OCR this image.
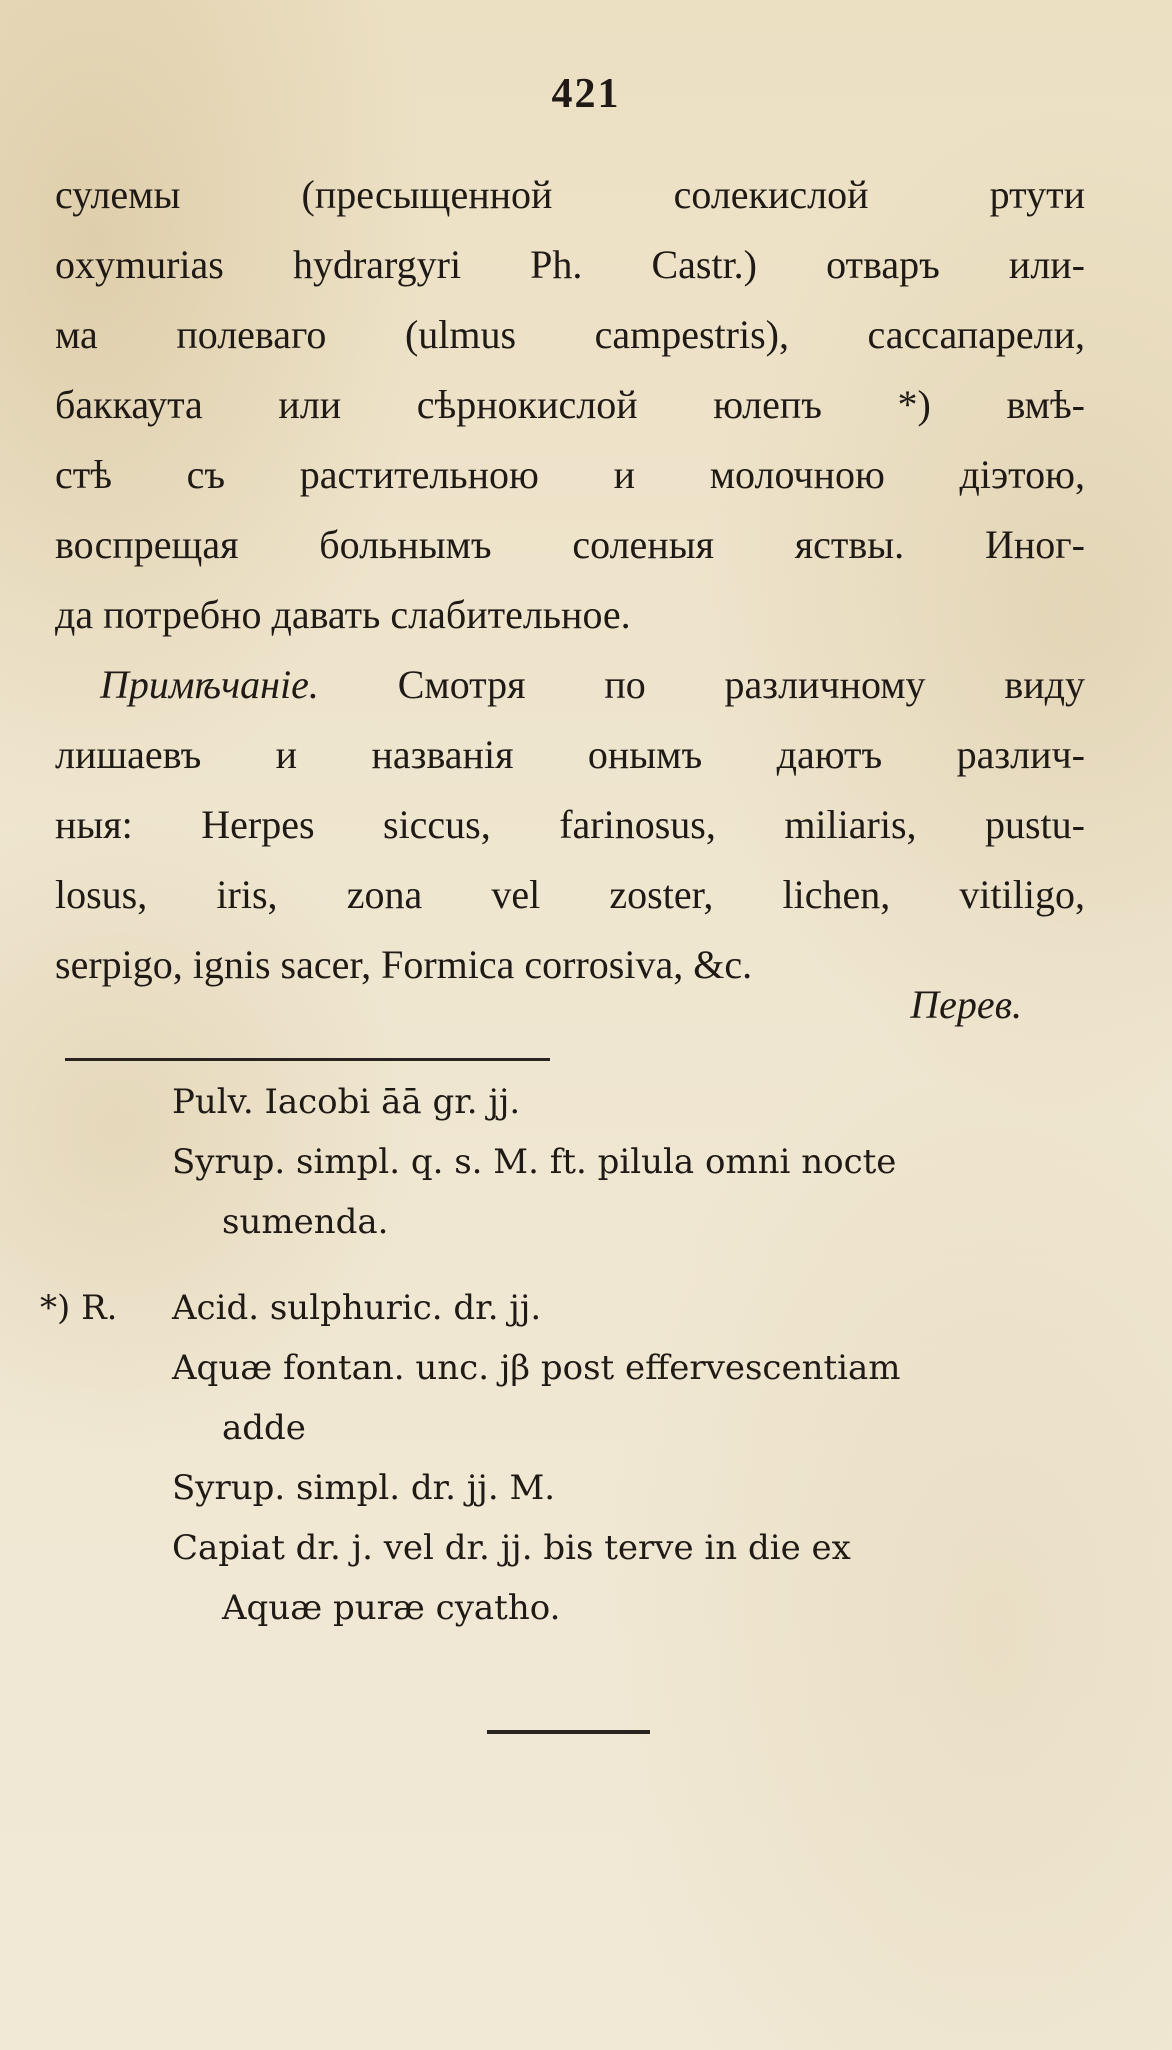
421
сулемы (пресыщенной солекислой ртути
oxymurias hydrargyri Ph. Castr.) отваръ или-
ма полеваго (ulmus campestris), сассапарели,
баккаута или сѣрнокислой юлепъ *) вмѣ-
стѣ съ растительною и молочною діэтою,
воспрещая больнымъ соленыя яствы. Иног-
да потребно давать слабительное.
Примѣчаніе. Смотря по различному виду
лишаевъ и названія онымъ даютъ различ-
ныя: Herpes siccus, farinosus, miliaris, pustu-
losus, iris, zona vel zoster, lichen, vitiligo,
serpigo, ignis sacer, Formica corrosiva, &c.
Перев.
Pulv. Iacobi āā gr. jj.
Syrup. simpl. q. s. M. ft. pilula omni nocte
sumenda.
*) R. Acid. sulphuric. dr. jj.
Aquæ fontan. unc. jβ post effervescentiam
adde
Syrup. simpl. dr. jj. M.
Capiat dr. j. vel dr. jj. bis terve in die ex
Aquæ puræ cyatho.
